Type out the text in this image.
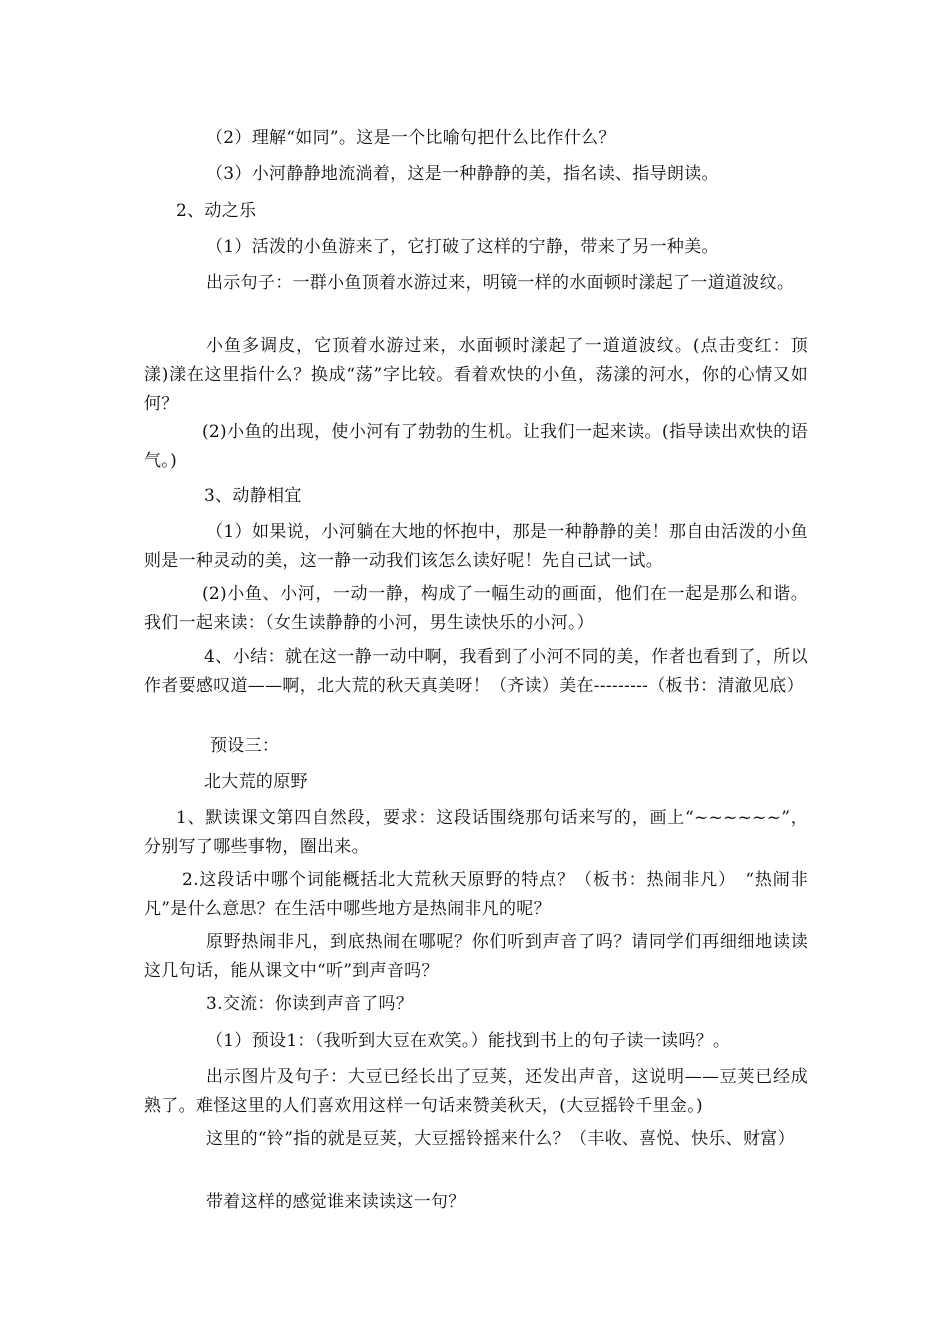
（2）理解“如同”。这是一个比喻句把什么比作什么？
（3）小河静静地流淌着，这是一种静静的美，指名读、指导朗读。
2、动之乐
（1）活泼的小鱼游来了，它打破了这样的宁静，带来了另一种美。
出示句子：一群小鱼顶着水游过来，明镜一样的水面顿时漾起了一道道波纹。
小鱼多调皮，它顶着水游过来，水面顿时漾起了一道道波纹。(点击变红：顶　　漾)漾在这里指什么？换成“荡”字比较。看着欢快的小鱼，荡漾的河水，你的心情又如何？
(2)小鱼的出现，使小河有了勃勃的生机。让我们一起来读。(指导读出欢快的语气。)
3、动静相宜
（1）如果说，小河躺在大地的怀抱中，那是一种静静的美！那自由活泼的小鱼则是一种灵动的美，这一静一动我们该怎么读好呢！先自己试一试。
(2)小鱼、小河，一动一静，构成了一幅生动的画面，他们在一起是那么和谐。我们一起来读：（女生读静静的小河，男生读快乐的小河。）
4、小结：就在这一静一动中啊，我看到了小河不同的美，作者也看到了，所以作者要感叹道——啊，北大荒的秋天真美呀！（齐读）美在---------（板书：清澈见底）
预设三：
北大荒的原野
1、默读课文第四自然段，要求：这段话围绕那句话来写的，画上“~~~~~~”，分别写了哪些事物，圈出来。
2.这段话中哪个词能概括北大荒秋天原野的特点？（板书：热闹非凡）　“热闹非凡”是什么意思？在生活中哪些地方是热闹非凡的呢？
原野热闹非凡，到底热闹在哪呢？你们听到声音了吗？请同学们再细细地读读这几句话，能从课文中“听”到声音吗？
3.交流：你读到声音了吗？
（1）预设1：（我听到大豆在欢笑。）能找到书上的句子读一读吗？。
出示图片及句子：大豆已经长出了豆荚，还发出声音，这说明——豆荚已经成熟了。难怪这里的人们喜欢用这样一句话来赞美秋天，(大豆摇铃千里金。)
这里的“铃”指的就是豆荚，大豆摇铃摇来什么？（丰收、喜悦、快乐、财富）
带着这样的感觉谁来读读这一句？
